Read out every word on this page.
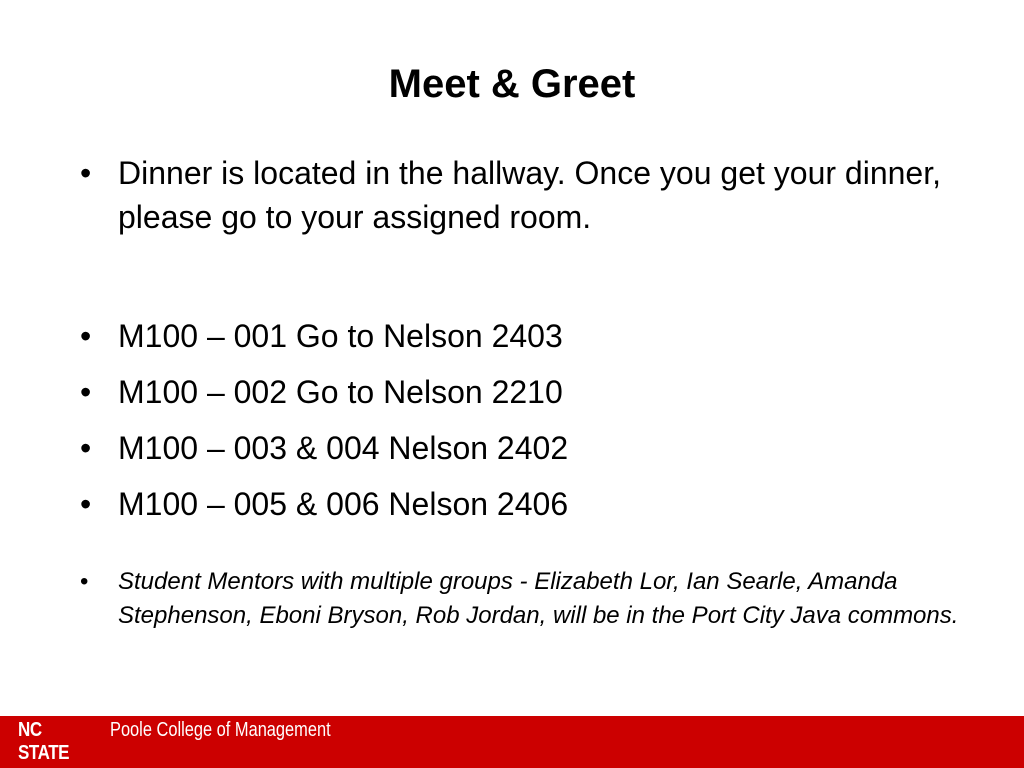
Meet & Greet
• Dinner is located in the hallway. Once you get your dinner, please go to your assigned room.
• M100 – 001 Go to Nelson 2403
• M100 – 002 Go to Nelson 2210
• M100 – 003 & 004 Nelson 2402
• M100 – 005 & 006 Nelson 2406
•	Student Mentors with multiple groups - Elizabeth Lor, Ian Searle, Amanda Stephenson, Eboni Bryson, Rob Jordan, will be in the Port City Java commons.
NC STATE
Poole College of Management
